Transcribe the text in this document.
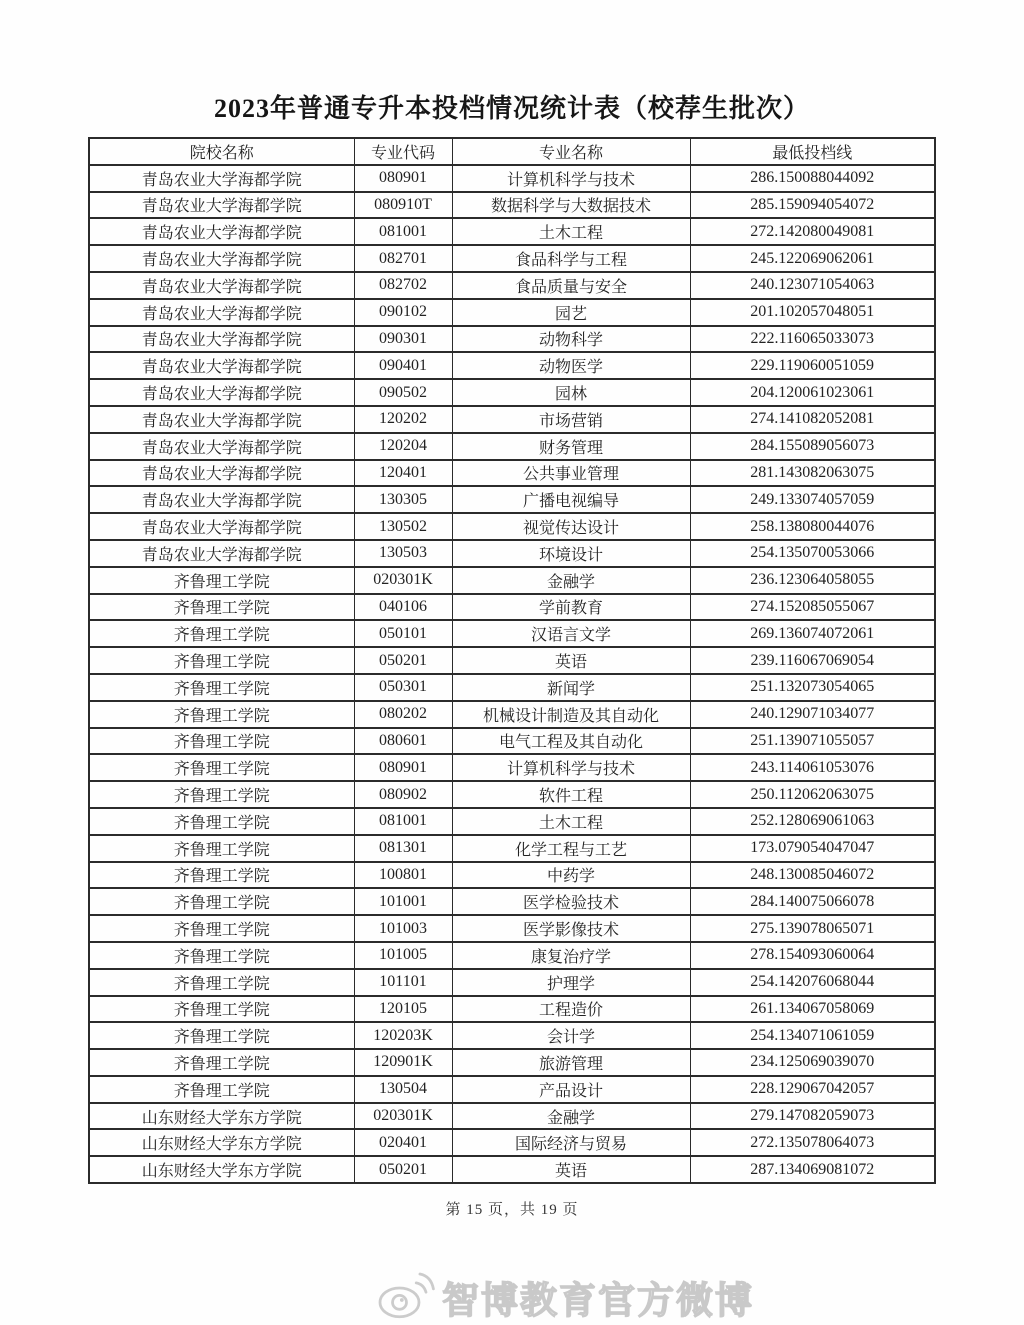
2023年普通专升本投档情况统计表（校荐生批次）
院校名称	专业代码	专业名称	最低投档线
青岛农业大学海都学院	080901	计算机科学与技术	286.150088044092
青岛农业大学海都学院	080910T	数据科学与大数据技术	285.159094054072
青岛农业大学海都学院	081001	土木工程	272.142080049081
青岛农业大学海都学院	082701	食品科学与工程	245.122069062061
青岛农业大学海都学院	082702	食品质量与安全	240.123071054063
青岛农业大学海都学院	090102	园艺	201.102057048051
青岛农业大学海都学院	090301	动物科学	222.116065033073
青岛农业大学海都学院	090401	动物医学	229.119060051059
青岛农业大学海都学院	090502	园林	204.120061023061
青岛农业大学海都学院	120202	市场营销	274.141082052081
青岛农业大学海都学院	120204	财务管理	284.155089056073
青岛农业大学海都学院	120401	公共事业管理	281.143082063075
青岛农业大学海都学院	130305	广播电视编导	249.133074057059
青岛农业大学海都学院	130502	视觉传达设计	258.138080044076
青岛农业大学海都学院	130503	环境设计	254.135070053066
齐鲁理工学院	020301K	金融学	236.123064058055
齐鲁理工学院	040106	学前教育	274.152085055067
齐鲁理工学院	050101	汉语言文学	269.136074072061
齐鲁理工学院	050201	英语	239.116067069054
齐鲁理工学院	050301	新闻学	251.132073054065
齐鲁理工学院	080202	机械设计制造及其自动化	240.129071034077
齐鲁理工学院	080601	电气工程及其自动化	251.139071055057
齐鲁理工学院	080901	计算机科学与技术	243.114061053076
齐鲁理工学院	080902	软件工程	250.112062063075
齐鲁理工学院	081001	土木工程	252.128069061063
齐鲁理工学院	081301	化学工程与工艺	173.079054047047
齐鲁理工学院	100801	中药学	248.130085046072
齐鲁理工学院	101001	医学检验技术	284.140075066078
齐鲁理工学院	101003	医学影像技术	275.139078065071
齐鲁理工学院	101005	康复治疗学	278.154093060064
齐鲁理工学院	101101	护理学	254.142076068044
齐鲁理工学院	120105	工程造价	261.134067058069
齐鲁理工学院	120203K	会计学	254.134071061059
齐鲁理工学院	120901K	旅游管理	234.125069039070
齐鲁理工学院	130504	产品设计	228.129067042057
山东财经大学东方学院	020301K	金融学	279.147082059073
山东财经大学东方学院	020401	国际经济与贸易	272.135078064073
山东财经大学东方学院	050201	英语	287.134069081072
第 15 页，共 19 页
智博教育官方微博
